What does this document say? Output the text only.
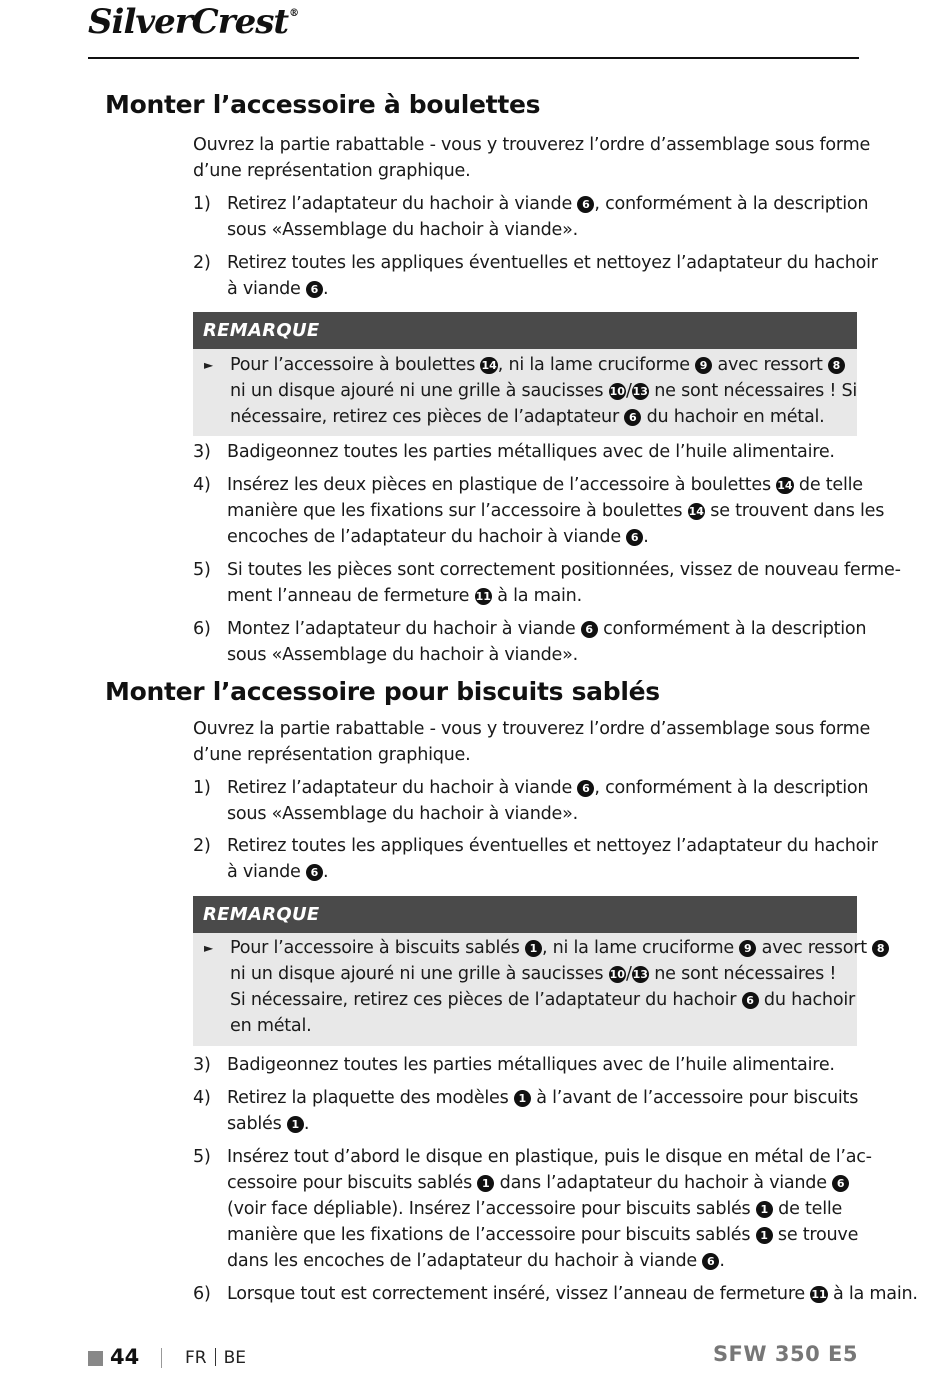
SilverCrest®
Monter l’accessoire à boulettes
Ouvrez la partie rabattable - vous y trouverez l’ordre d’assemblage sous forme
d’une représentation graphique.
1) Retirez l’adaptateur du hachoir à viande 6 , conformément à la description
sous «Assemblage du hachoir à viande».
2) Retirez toutes les appliques éventuelles et nettoyez l’adaptateur du hachoir
à viande 6 .
REMARQUE
► Pour l’accessoire à boulettes 14, ni la lame cruciforme 9 avec ressort 8
ni un disque ajouré ni une grille à saucisses 10/13 ne sont nécessaires ! Si
nécessaire, retirez ces pièces de l’adaptateur 6 du hachoir en métal.
3) Badigeonnez toutes les parties métalliques avec de l’huile alimentaire.
4) Insérez les deux pièces en plastique de l’accessoire à boulettes 14 de telle
manière que les fixations sur l’accessoire à boulettes 14 se trouvent dans les
encoches de l’adaptateur du hachoir à viande 6 .
5) Si toutes les pièces sont correctement positionnées, vissez de nouveau ferme-
ment l’anneau de fermeture 11 à la main.
6) Montez l’adaptateur du hachoir à viande 6 conformément à la description
sous «Assemblage du hachoir à viande».
Monter l’accessoire pour biscuits sablés
Ouvrez la partie rabattable - vous y trouverez l’ordre d’assemblage sous forme
d’une représentation graphique.
1) Retirez l’adaptateur du hachoir à viande 6 , conformément à la description
sous «Assemblage du hachoir à viande».
2) Retirez toutes les appliques éventuelles et nettoyez l’adaptateur du hachoir
à viande 6 .
REMARQUE
► Pour l’accessoire à biscuits sablés 1 , ni la lame cruciforme 9 avec ressort 8
ni un disque ajouré ni une grille à saucisses 10/13 ne sont nécessaires !
Si nécessaire, retirez ces pièces de l’adaptateur du hachoir 6 du hachoir
en métal.
3) Badigeonnez toutes les parties métalliques avec de l’huile alimentaire.
4) Retirez la plaquette des modèles 1 à l’avant de l’accessoire pour biscuits
sablés 1 .
5) Insérez tout d’abord le disque en plastique, puis le disque en métal de l’ac-
cessoire pour biscuits sablés 1 dans l’adaptateur du hachoir à viande 6
(voir face dépliable). Insérez l’accessoire pour biscuits sablés 1 de telle
manière que les fixations de l’accessoire pour biscuits sablés 1 se trouve
dans les encoches de l’adaptateur du hachoir à viande 6 .
6) Lorsque tout est correctement inséré, vissez l’anneau de fermeture 11 à la main.
44	FR BE	SFW 350 E5
